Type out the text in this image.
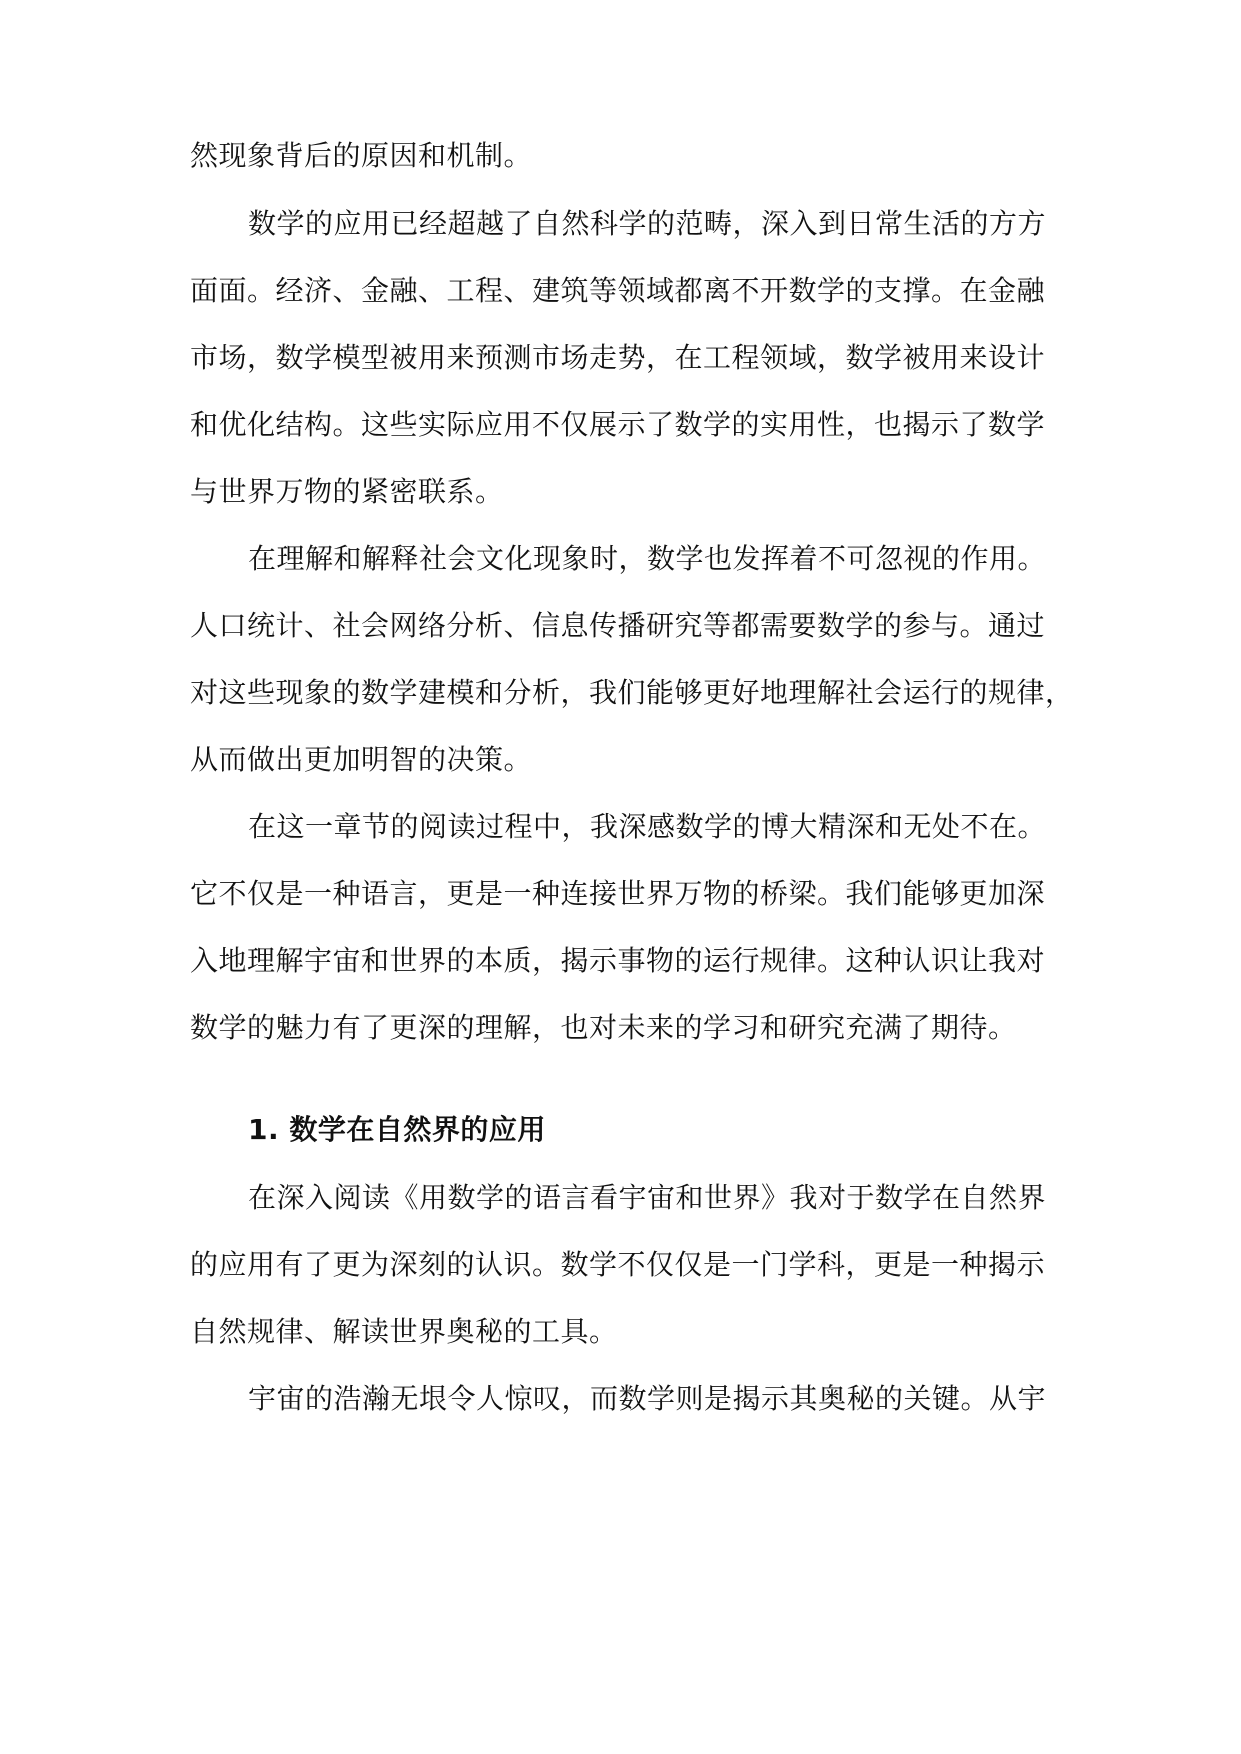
然现象背后的原因和机制。

数学的应用已经超越了自然科学的范畴，深入到日常生活的方方

面面。经济、金融、工程、建筑等领域都离不开数学的支撑。在金融

市场，数学模型被用来预测市场走势，在工程领域，数学被用来设计

和优化结构。这些实际应用不仅展示了数学的实用性，也揭示了数学

与世界万物的紧密联系。

在理解和解释社会文化现象时，数学也发挥着不可忽视的作用。

人口统计、社会网络分析、信息传播研究等都需要数学的参与。通过

对这些现象的数学建模和分析，我们能够更好地理解社会运行的规律，

从而做出更加明智的决策。

在这一章节的阅读过程中，我深感数学的博大精深和无处不在。

它不仅是一种语言，更是一种连接世界万物的桥梁。我们能够更加深

入地理解宇宙和世界的本质，揭示事物的运行规律。这种认识让我对

数学的魅力有了更深的理解，也对未来的学习和研究充满了期待。

1. 数学在自然界的应用

在深入阅读《用数学的语言看宇宙和世界》我对于数学在自然界

的应用有了更为深刻的认识。数学不仅仅是一门学科，更是一种揭示

自然规律、解读世界奥秘的工具。

宇宙的浩瀚无垠令人惊叹，而数学则是揭示其奥秘的关键。从宇
